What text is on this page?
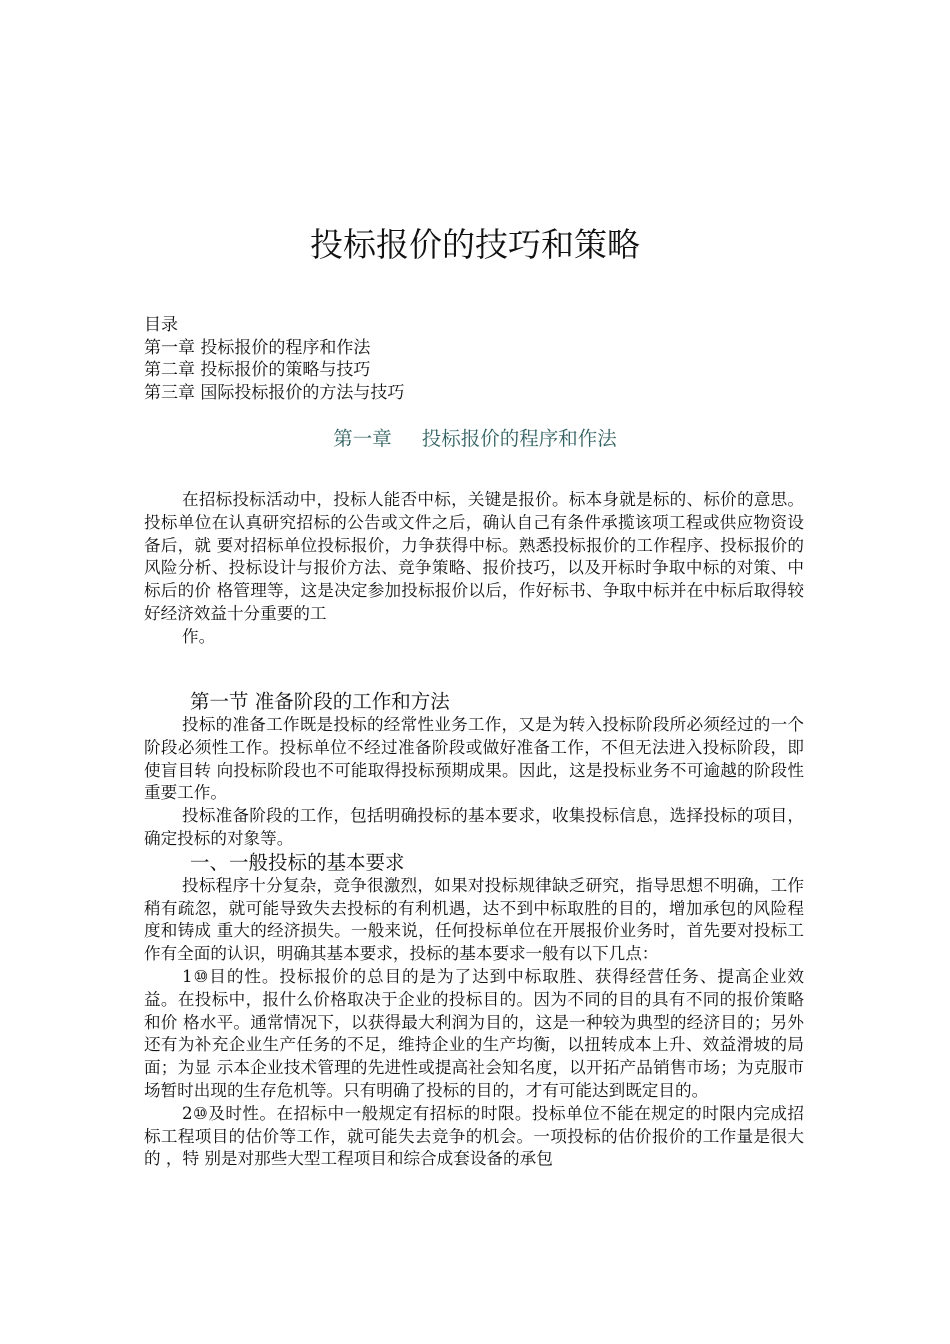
投标报价的技巧和策略
目录
第一章 投标报价的程序和作法
第二章 投标报价的策略与技巧
第三章 国际投标报价的方法与技巧
第一章 投标报价的程序和作法

在招标投标活动中，投标人能否中标，关键是报价。标本身就是标的、标价的意思。投标单位在认真研究招标的公告或文件之后，确认自己有条件承揽该项工程或供应物资设备后，就 要对招标单位投标报价，力争获得中标。熟悉投标报价的工作程序、投标报价的风险分析、投标设计与报价方法、竞争策略、报价技巧，以及开标时争取中标的对策、中标后的价 格管理等，这是决定参加投标报价以后，作好标书、争取中标并在中标后取得较好经济效益十分重要的工

作。

第一节 准备阶段的工作和方法

投标的准备工作既是投标的经常性业务工作，又是为转入投标阶段所必须经过的一个阶段必须性工作。投标单位不经过准备阶段或做好准备工作，不但无法进入投标阶段，即使盲目转 向投标阶段也不可能取得投标预期成果。因此，这是投标业务不可逾越的阶段性重要工作。

投标准备阶段的工作，包括明确投标的基本要求，收集投标信息，选择投标的项目，确定投标的对象等。

一、一般投标的基本要求

投标程序十分复杂，竞争很激烈，如果对投标规律缺乏研究，指导思想不明确，工作稍有疏忽，就可能导致失去投标的有利机遇，达不到中标取胜的目的，增加承包的风险程度和铸成 重大的经济损失。一般来说，任何投标单位在开展报价业务时，首先要对投标工作有全面的认识，明确其基本要求，投标的基本要求一般有以下几点：

1⑩目的性。投标报价的总目的是为了达到中标取胜、获得经营任务、提高企业效益。在投标中，报什么价格取决于企业的投标目的。因为不同的目的具有不同的报价策略和价 格水平。通常情况下，以获得最大利润为目的，这是一种较为典型的经济目的；另外还有为补充企业生产任务的不足，维持企业的生产均衡，以扭转成本上升、效益滑坡的局面；为显 示本企业技术管理的先进性或提高社会知名度，以开拓产品销售市场；为克服市场暂时出现的生存危机等。只有明确了投标的目的，才有可能达到既定目的。

2⑩及时性。在招标中一般规定有招标的时限。投标单位不能在规定的时限内完成招标工程项目的估价等工作，就可能失去竞争的机会。一项投标的估价报价的工作量是很大的 ，特 别是对那些大型工程项目和综合成套设备的承包
